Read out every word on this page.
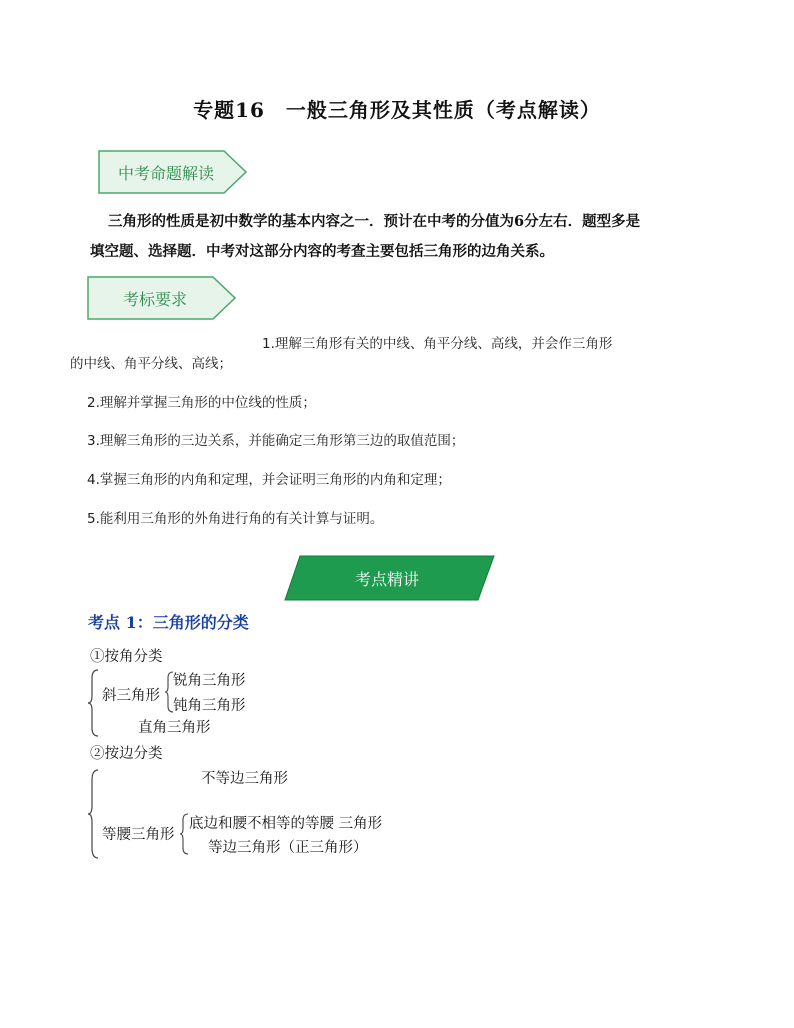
专题16　一般三角形及其性质（考点解读）
中考命题解读
三角形的性质是初中数学的基本内容之一．预计在中考的分值为6分左右．题型多是
填空题、选择题．中考对这部分内容的考查主要包括三角形的边角关系。
考标要求
1.理解三角形有关的中线、角平分线、高线，并会作三角形
的中线、角平分线、高线；
2.理解并掌握三角形的中位线的性质；
3.理解三角形的三边关系，并能确定三角形第三边的取值范围；
4.掌握三角形的内角和定理，并会证明三角形的内角和定理；
5.能利用三角形的外角进行角的有关计算与证明。
考点精讲
考点 1：三角形的分类
①按角分类
斜三角形
锐角三角形
钝角三角形
直角三角形
②按边分类
不等边三角形
等腰三角形
底边和腰不相等的等腰 三角形
等边三角形（正三角形）
